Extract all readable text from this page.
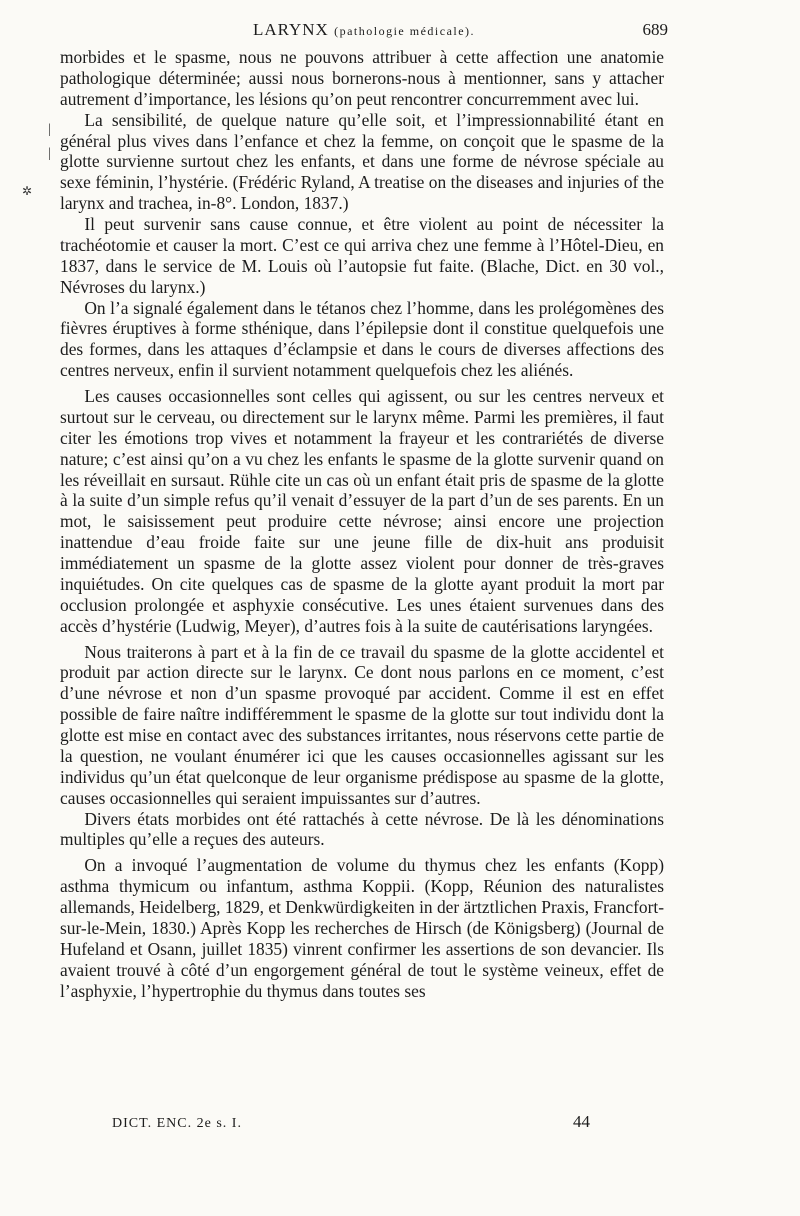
LARYNX (pathologie médicale).	689
|
|
✲

morbides et le spasme, nous ne pouvons attribuer à cette affection une anatomie pathologique déterminée; aussi nous bornerons-nous à mentionner, sans y attacher autrement d’importance, les lésions qu’on peut rencontrer concurremment avec lui.

La sensibilité, de quelque nature qu’elle soit, et l’impressionnabilité étant en général plus vives dans l’enfance et chez la femme, on conçoit que le spasme de la glotte survienne surtout chez les enfants, et dans une forme de névrose spéciale au sexe féminin, l’hystérie. (Frédéric Ryland, A treatise on the diseases and injuries of the larynx and trachea, in-8°. London, 1837.)

Il peut survenir sans cause connue, et être violent au point de nécessiter la trachéotomie et causer la mort. C’est ce qui arriva chez une femme à l’Hôtel-Dieu, en 1837, dans le service de M. Louis où l’autopsie fut faite. (Blache, Dict. en 30 vol., Névroses du larynx.)

On l’a signalé également dans le tétanos chez l’homme, dans les prolégomènes des fièvres éruptives à forme sthénique, dans l’épilepsie dont il constitue quelquefois une des formes, dans les attaques d’éclampsie et dans le cours de diverses affections des centres nerveux, enfin il survient notamment quelquefois chez les aliénés.

Les causes occasionnelles sont celles qui agissent, ou sur les centres nerveux et surtout sur le cerveau, ou directement sur le larynx même. Parmi les premières, il faut citer les émotions trop vives et notamment la frayeur et les contrariétés de diverse nature; c’est ainsi qu’on a vu chez les enfants le spasme de la glotte survenir quand on les réveillait en sursaut. Rühle cite un cas où un enfant était pris de spasme de la glotte à la suite d’un simple refus qu’il venait d’essuyer de la part d’un de ses parents. En un mot, le saisissement peut produire cette névrose; ainsi encore une projection inattendue d’eau froide faite sur une jeune fille de dix-huit ans produisit immédiatement un spasme de la glotte assez violent pour donner de très-graves inquiétudes. On cite quelques cas de spasme de la glotte ayant produit la mort par occlusion prolongée et asphyxie consécutive. Les unes étaient survenues dans des accès d’hystérie (Ludwig, Meyer), d’autres fois à la suite de cautérisations laryngées.

Nous traiterons à part et à la fin de ce travail du spasme de la glotte accidentel et produit par action directe sur le larynx. Ce dont nous parlons en ce moment, c’est d’une névrose et non d’un spasme provoqué par accident. Comme il est en effet possible de faire naître indifféremment le spasme de la glotte sur tout individu dont la glotte est mise en contact avec des substances irritantes, nous réservons cette partie de la question, ne voulant énumérer ici que les causes occasionnelles agissant sur les individus qu’un état quelconque de leur organisme prédispose au spasme de la glotte, causes occasionnelles qui seraient impuissantes sur d’autres.

Divers états morbides ont été rattachés à cette névrose. De là les dénominations multiples qu’elle a reçues des auteurs.

On a invoqué l’augmentation de volume du thymus chez les enfants (Kopp) asthma thymicum ou infantum, asthma Koppii. (Kopp, Réunion des naturalistes allemands, Heidelberg, 1829, et Denkwürdigkeiten in der ärtztlichen Praxis, Francfort-sur-le-Mein, 1830.) Après Kopp les recherches de Hirsch (de Königsberg) (Journal de Hufeland et Osann, juillet 1835) vinrent confirmer les assertions de son devancier. Ils avaient trouvé à côté d’un engorgement général de tout le système veineux, effet de l’asphyxie, l’hypertrophie du thymus dans toutes ses

DICT. ENC. 2e s. I.	44
